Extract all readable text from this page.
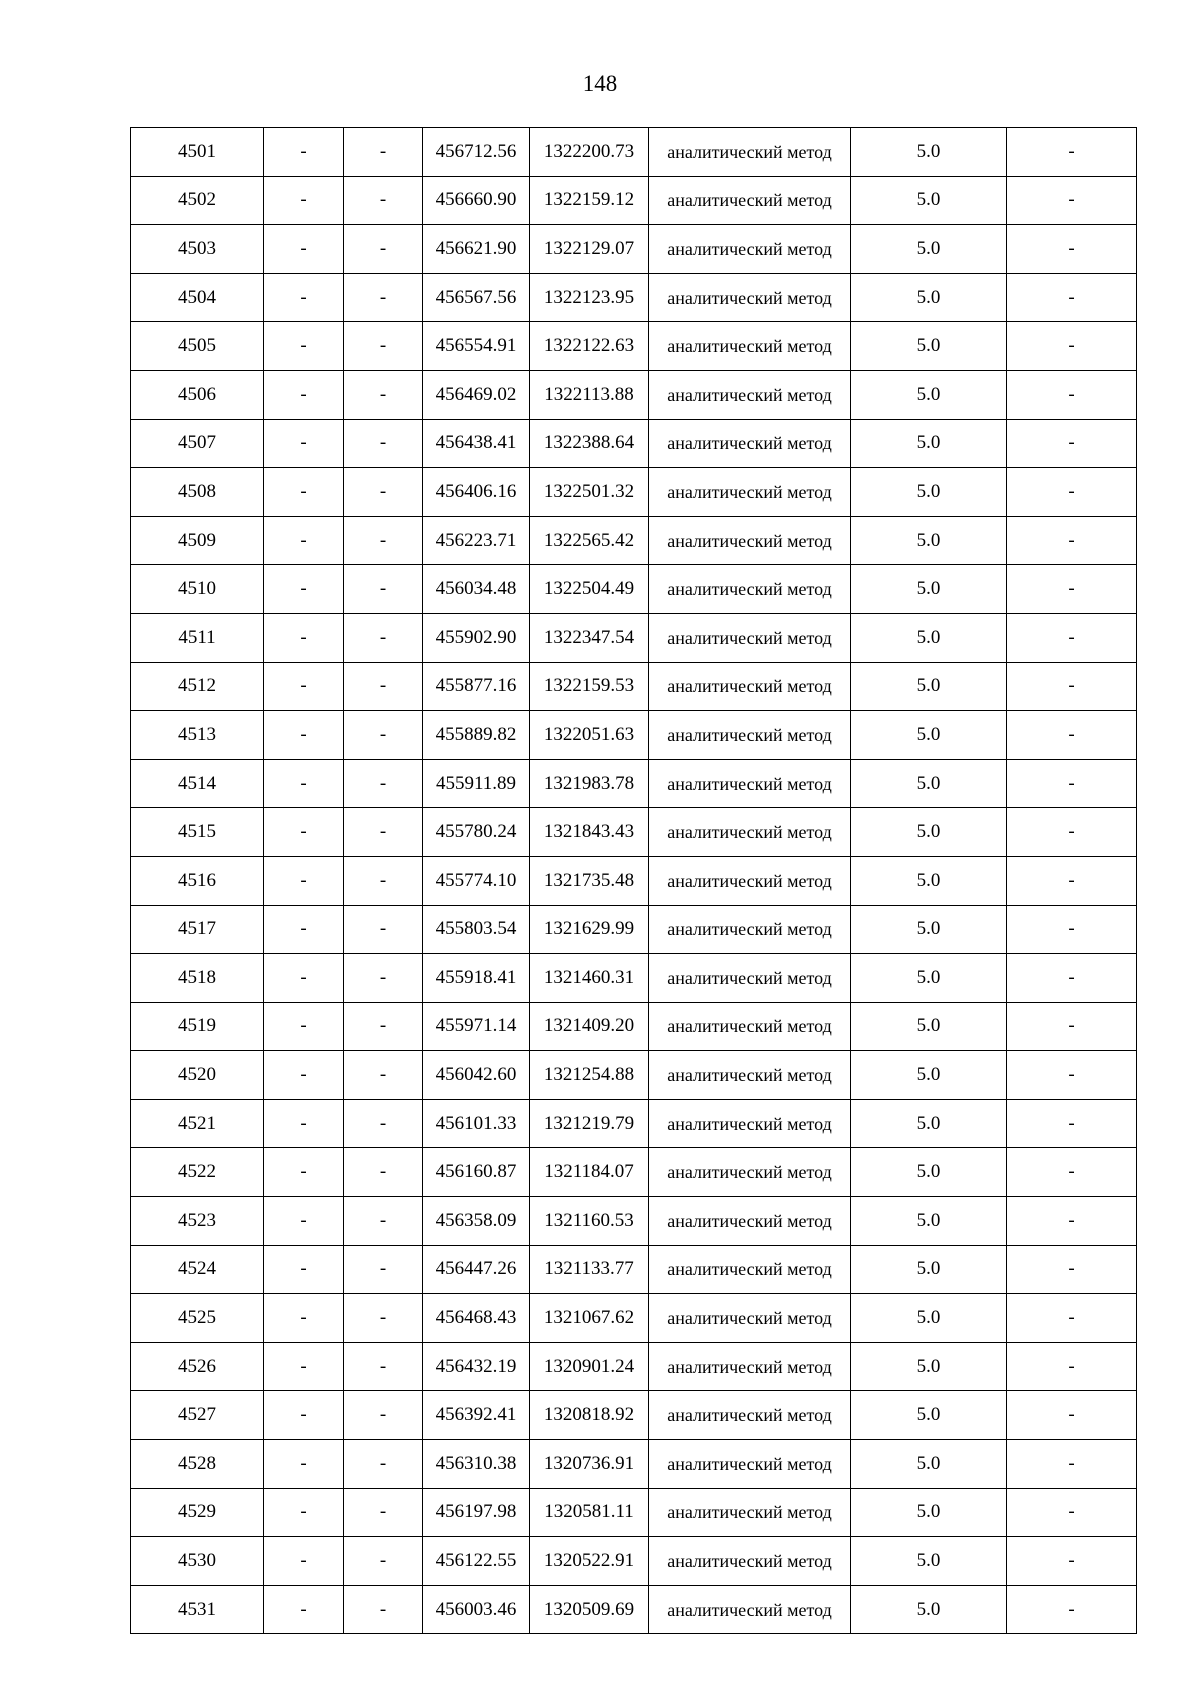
148
4501	-	-	456712.56	1322200.73	аналитический метод	5.0	-
4502	-	-	456660.90	1322159.12	аналитический метод	5.0	-
4503	-	-	456621.90	1322129.07	аналитический метод	5.0	-
4504	-	-	456567.56	1322123.95	аналитический метод	5.0	-
4505	-	-	456554.91	1322122.63	аналитический метод	5.0	-
4506	-	-	456469.02	1322113.88	аналитический метод	5.0	-
4507	-	-	456438.41	1322388.64	аналитический метод	5.0	-
4508	-	-	456406.16	1322501.32	аналитический метод	5.0	-
4509	-	-	456223.71	1322565.42	аналитический метод	5.0	-
4510	-	-	456034.48	1322504.49	аналитический метод	5.0	-
4511	-	-	455902.90	1322347.54	аналитический метод	5.0	-
4512	-	-	455877.16	1322159.53	аналитический метод	5.0	-
4513	-	-	455889.82	1322051.63	аналитический метод	5.0	-
4514	-	-	455911.89	1321983.78	аналитический метод	5.0	-
4515	-	-	455780.24	1321843.43	аналитический метод	5.0	-
4516	-	-	455774.10	1321735.48	аналитический метод	5.0	-
4517	-	-	455803.54	1321629.99	аналитический метод	5.0	-
4518	-	-	455918.41	1321460.31	аналитический метод	5.0	-
4519	-	-	455971.14	1321409.20	аналитический метод	5.0	-
4520	-	-	456042.60	1321254.88	аналитический метод	5.0	-
4521	-	-	456101.33	1321219.79	аналитический метод	5.0	-
4522	-	-	456160.87	1321184.07	аналитический метод	5.0	-
4523	-	-	456358.09	1321160.53	аналитический метод	5.0	-
4524	-	-	456447.26	1321133.77	аналитический метод	5.0	-
4525	-	-	456468.43	1321067.62	аналитический метод	5.0	-
4526	-	-	456432.19	1320901.24	аналитический метод	5.0	-
4527	-	-	456392.41	1320818.92	аналитический метод	5.0	-
4528	-	-	456310.38	1320736.91	аналитический метод	5.0	-
4529	-	-	456197.98	1320581.11	аналитический метод	5.0	-
4530	-	-	456122.55	1320522.91	аналитический метод	5.0	-
4531	-	-	456003.46	1320509.69	аналитический метод	5.0	-
